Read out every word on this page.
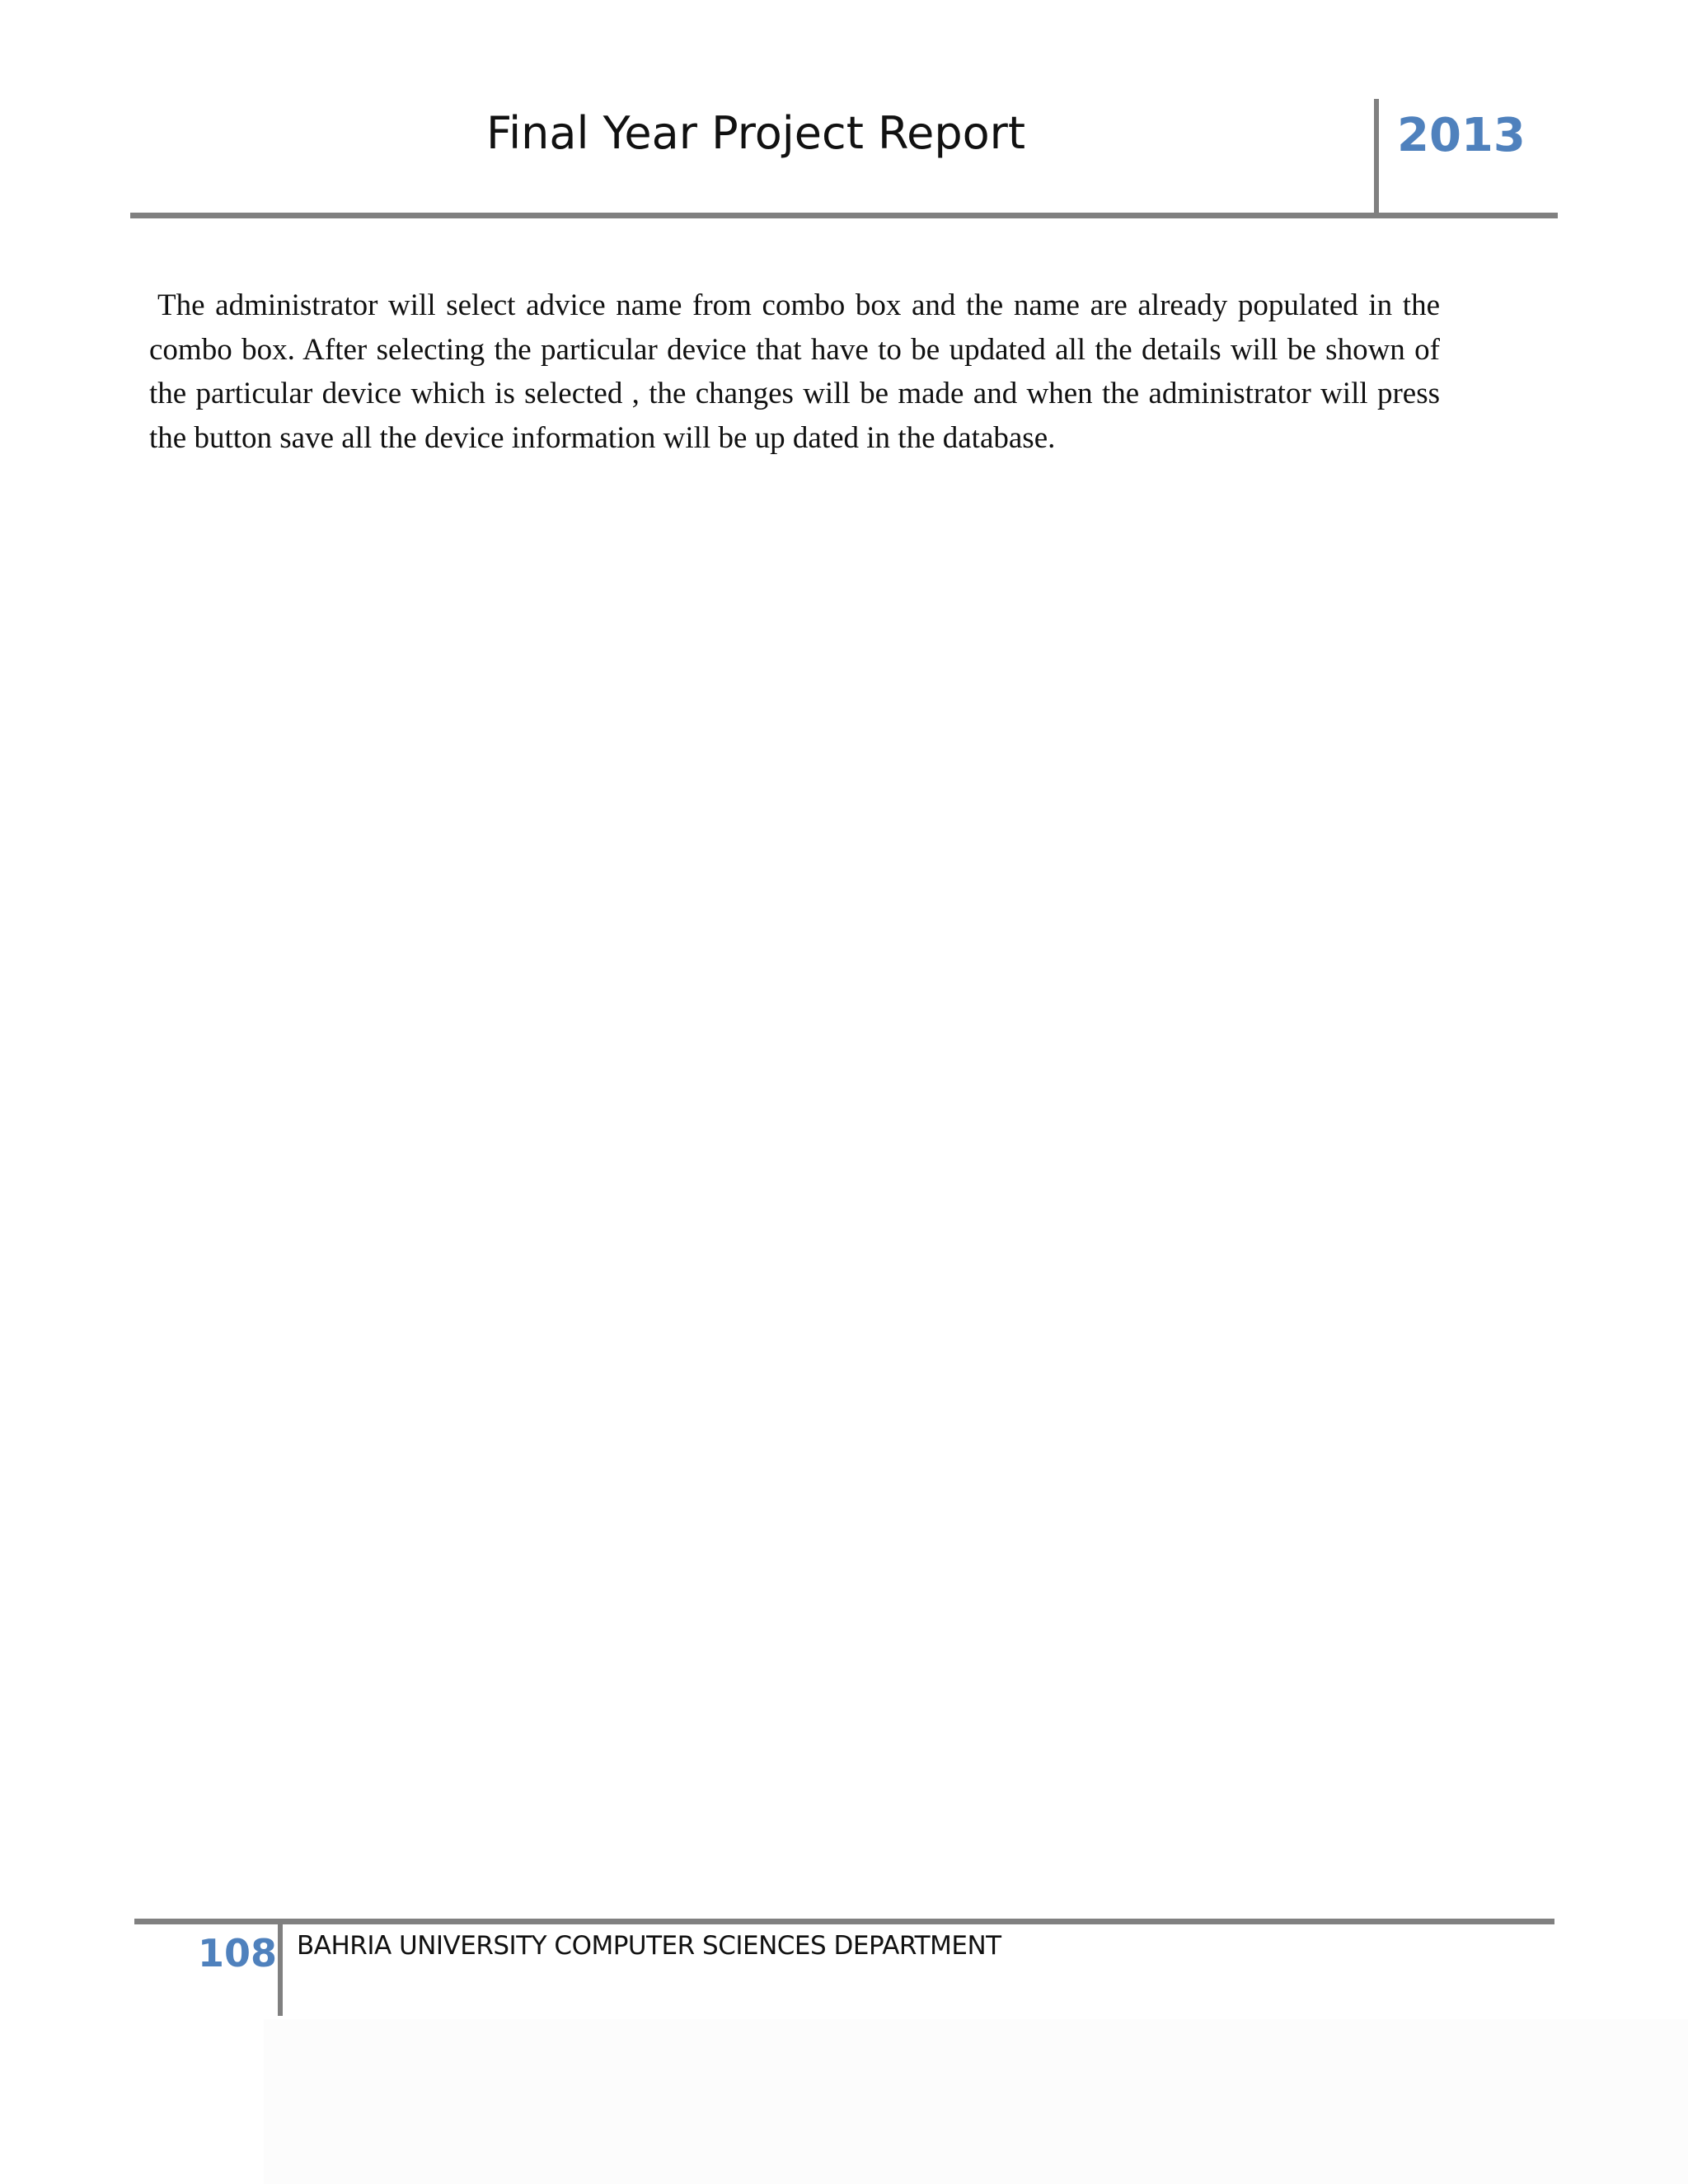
Final Year Project Report	2013

The administrator will select advice name from combo box and the name are already populated in the combo box. After selecting the particular device that have to be updated all the details will be shown of the particular device which is selected , the changes will be made and when the administrator will press the button save all the device information will be up dated in the database.

108 BAHRIA UNIVERSITY COMPUTER SCIENCES DEPARTMENT
